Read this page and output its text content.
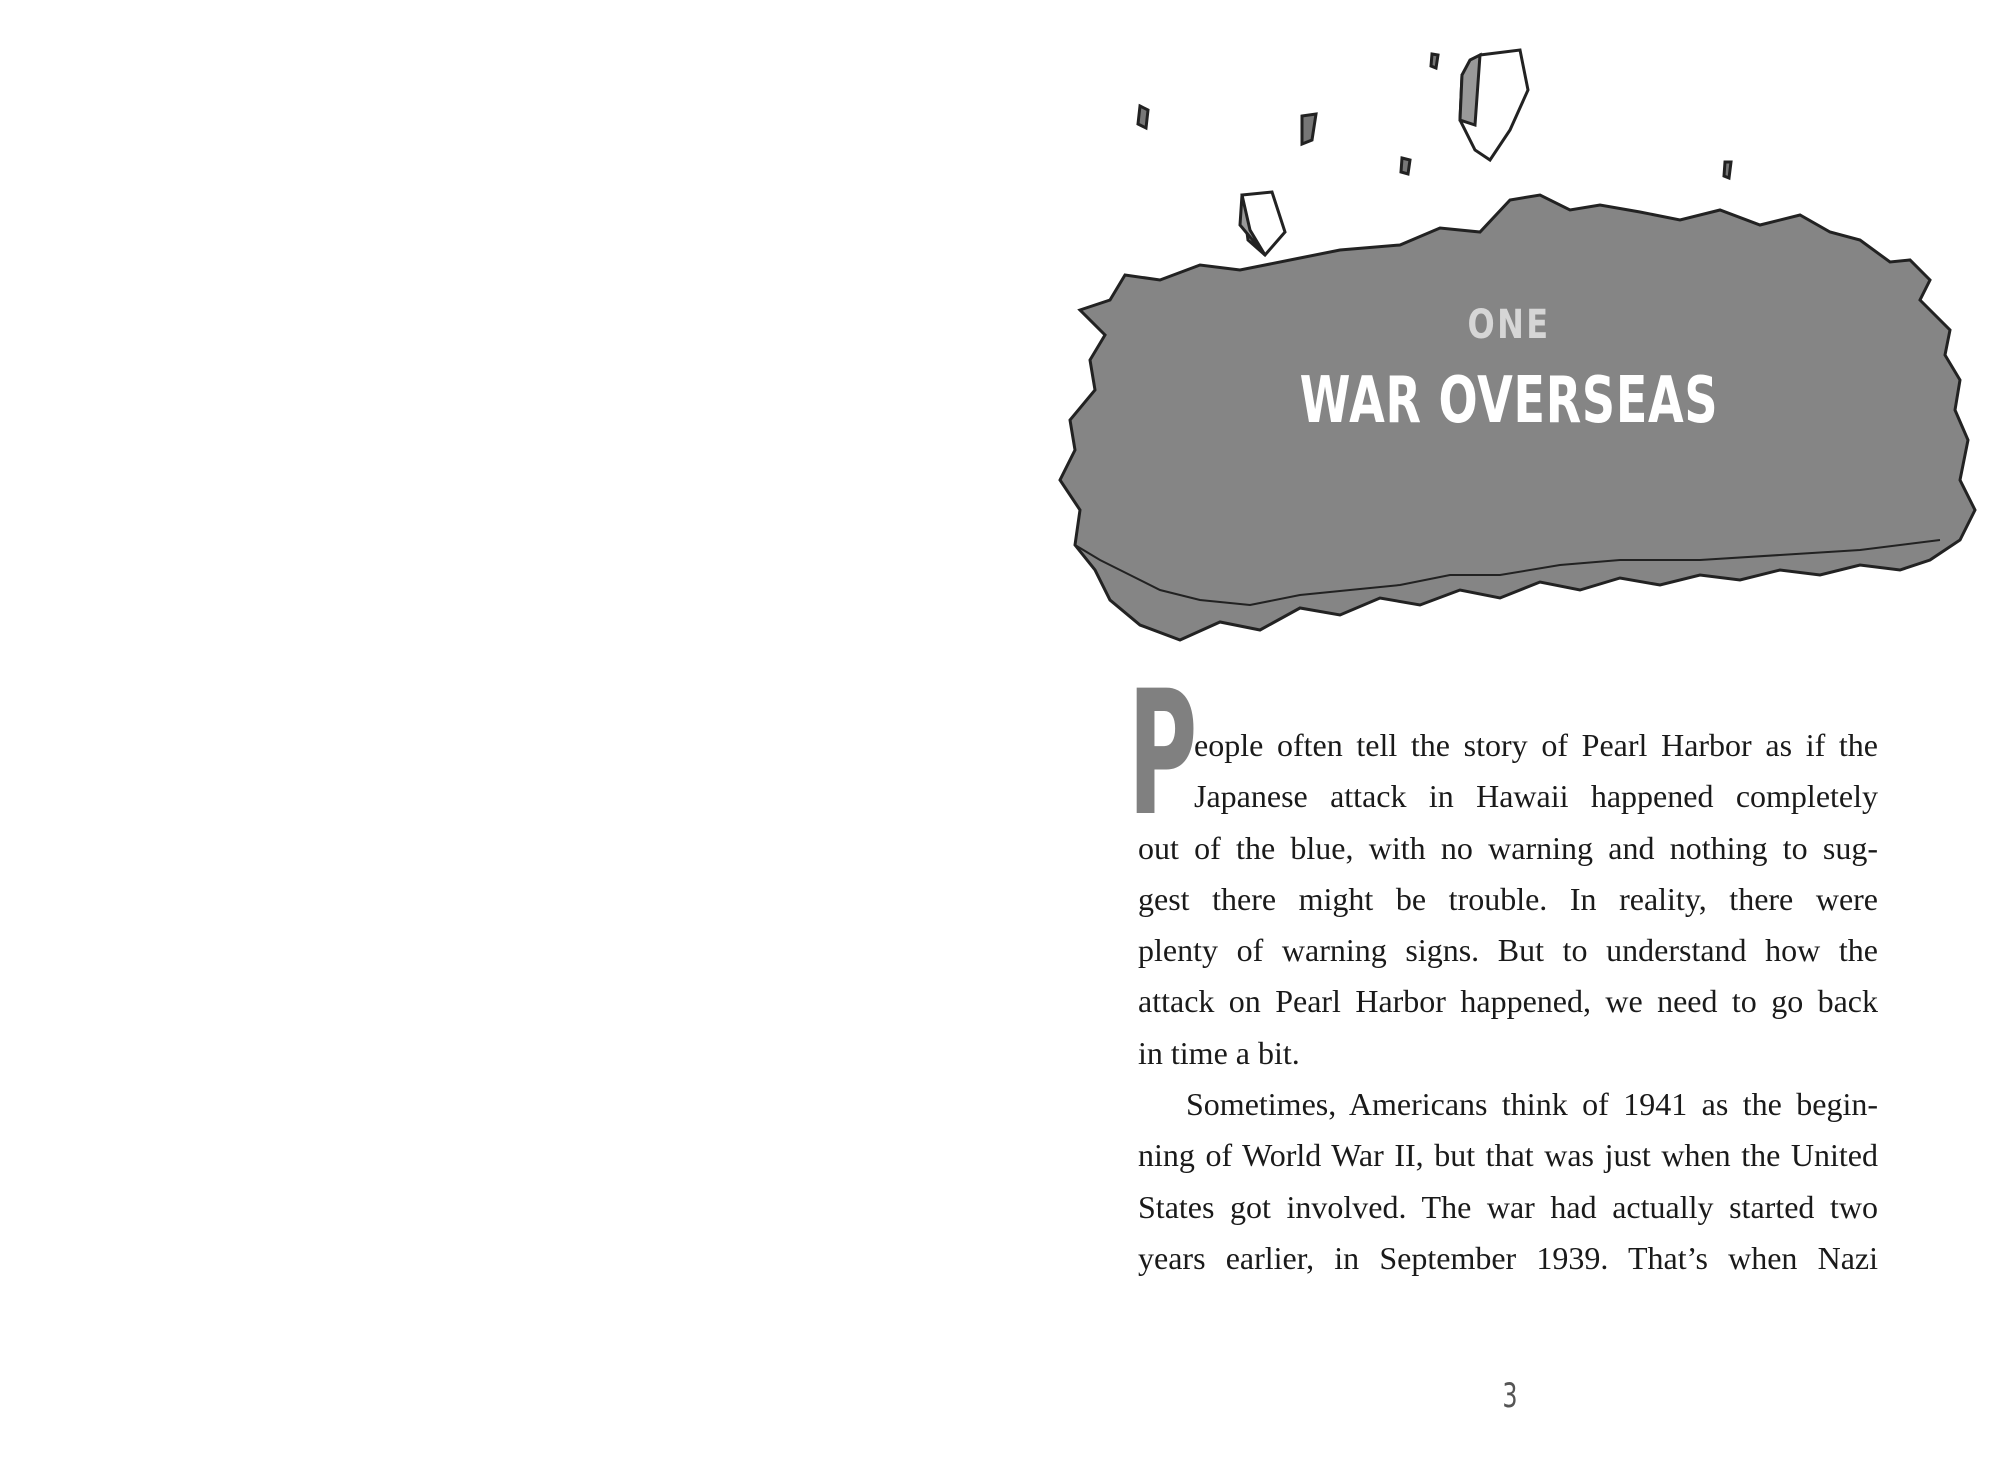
ONE
WAR OVERSEAS
P
eople often tell the story of Pearl Harbor as if the
Japanese attack in Hawaii happened completely
out of the blue, with no warning and nothing to sug-
gest there might be trouble. In reality, there were
plenty of warning signs. But to understand how the
attack on Pearl Harbor happened, we need to go back
in time a bit.
Sometimes, Americans think of 1941 as the begin-
ning of World War II, but that was just when the United
States got involved. The war had actually started two
years earlier, in September 1939. That’s when Nazi
3
